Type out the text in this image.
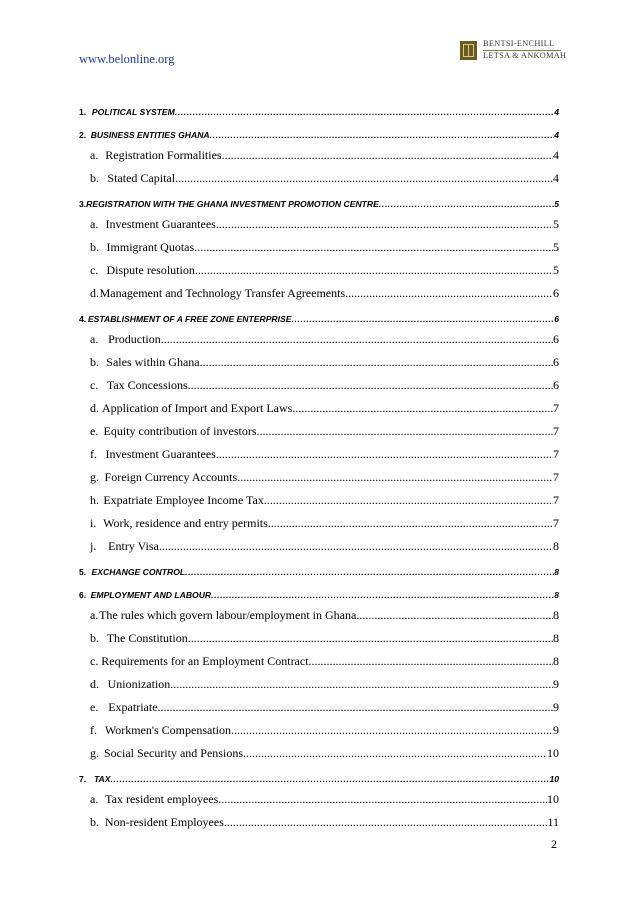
www.belonline.org
BENTSI-ENCHILL
LETSA & ANKOMAH
1. POLITICAL SYSTEM .....	4
2. BUSINESS ENTITIES GHANA .....	4
a. Registration Formalities .....	4
b. Stated Capital .....	4
3. REGISTRATION WITH THE GHANA INVESTMENT PROMOTION CENTRE .....	5
a. Investment Guarantees .....	5
b. Immigrant Quotas .....	5
c. Dispute resolution .....	5
d. Management and Technology Transfer Agreements .....	6
4. ESTABLISHMENT OF A FREE ZONE ENTERPRISE .....	6
a. Production .....	6
b. Sales within Ghana .....	6
c. Tax Concessions .....	6
d. Application of Import and Export Laws .....	7
e. Equity contribution of investors. .....	7
f. Investment Guarantees .....	7
g. Foreign Currency Accounts .....	7
h. Expatriate Employee Income Tax .....	7
i. Work, residence and entry permits .....	7
j. Entry Visa .....	8
5. EXCHANGE CONTROL .....	8
6. EMPLOYMENT AND LABOUR .....	8
a. The rules which govern labour/employment in Ghana .....	8
b. The Constitution. .....	8
c. Requirements for an Employment Contract .....	8
d. Unionization .....	9
e. Expatriate .....	9
f. Workmen's Compensation .....	9
g. Social Security and Pensions .....	10
7. TAX .....	10
a. Tax resident employees .....	10
b. Non-resident Employees .....	11
2
